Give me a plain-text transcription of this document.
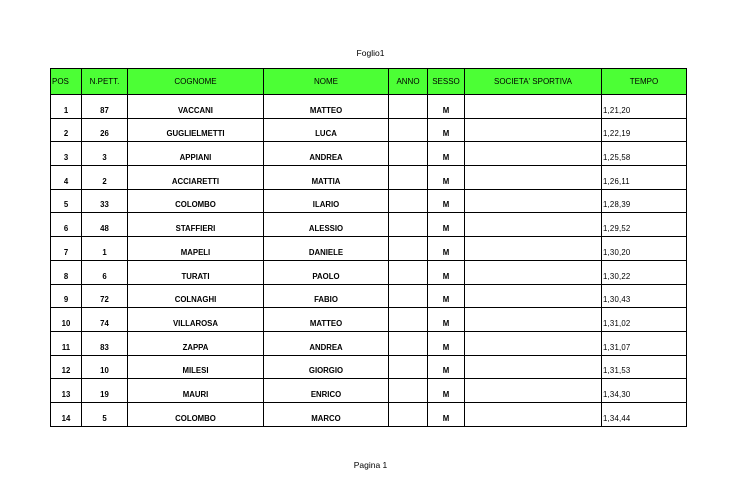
Foglio1
POS	N.PETT.	COGNOME	NOME	ANNO	SESSO	SOCIETA' SPORTIVA	TEMPO
1	87	VACCANI	MATTEO		M		1,21,20
2	26	GUGLIELMETTI	LUCA		M		1,22,19
3	3	APPIANI	ANDREA		M		1,25,58
4	2	ACCIARETTI	MATTIA		M		1,26,11
5	33	COLOMBO	ILARIO		M		1,28,39
6	48	STAFFIERI	ALESSIO		M		1,29,52
7	1	MAPELI	DANIELE		M		1,30,20
8	6	TURATI	PAOLO		M		1,30,22
9	72	COLNAGHI	FABIO		M		1,30,43
10	74	VILLAROSA	MATTEO		M		1,31,02
11	83	ZAPPA	ANDREA		M		1,31,07
12	10	MILESI	GIORGIO		M		1,31,53
13	19	MAURI	ENRICO		M		1,34,30
14	5	COLOMBO	MARCO		M		1,34,44
Pagina 1
